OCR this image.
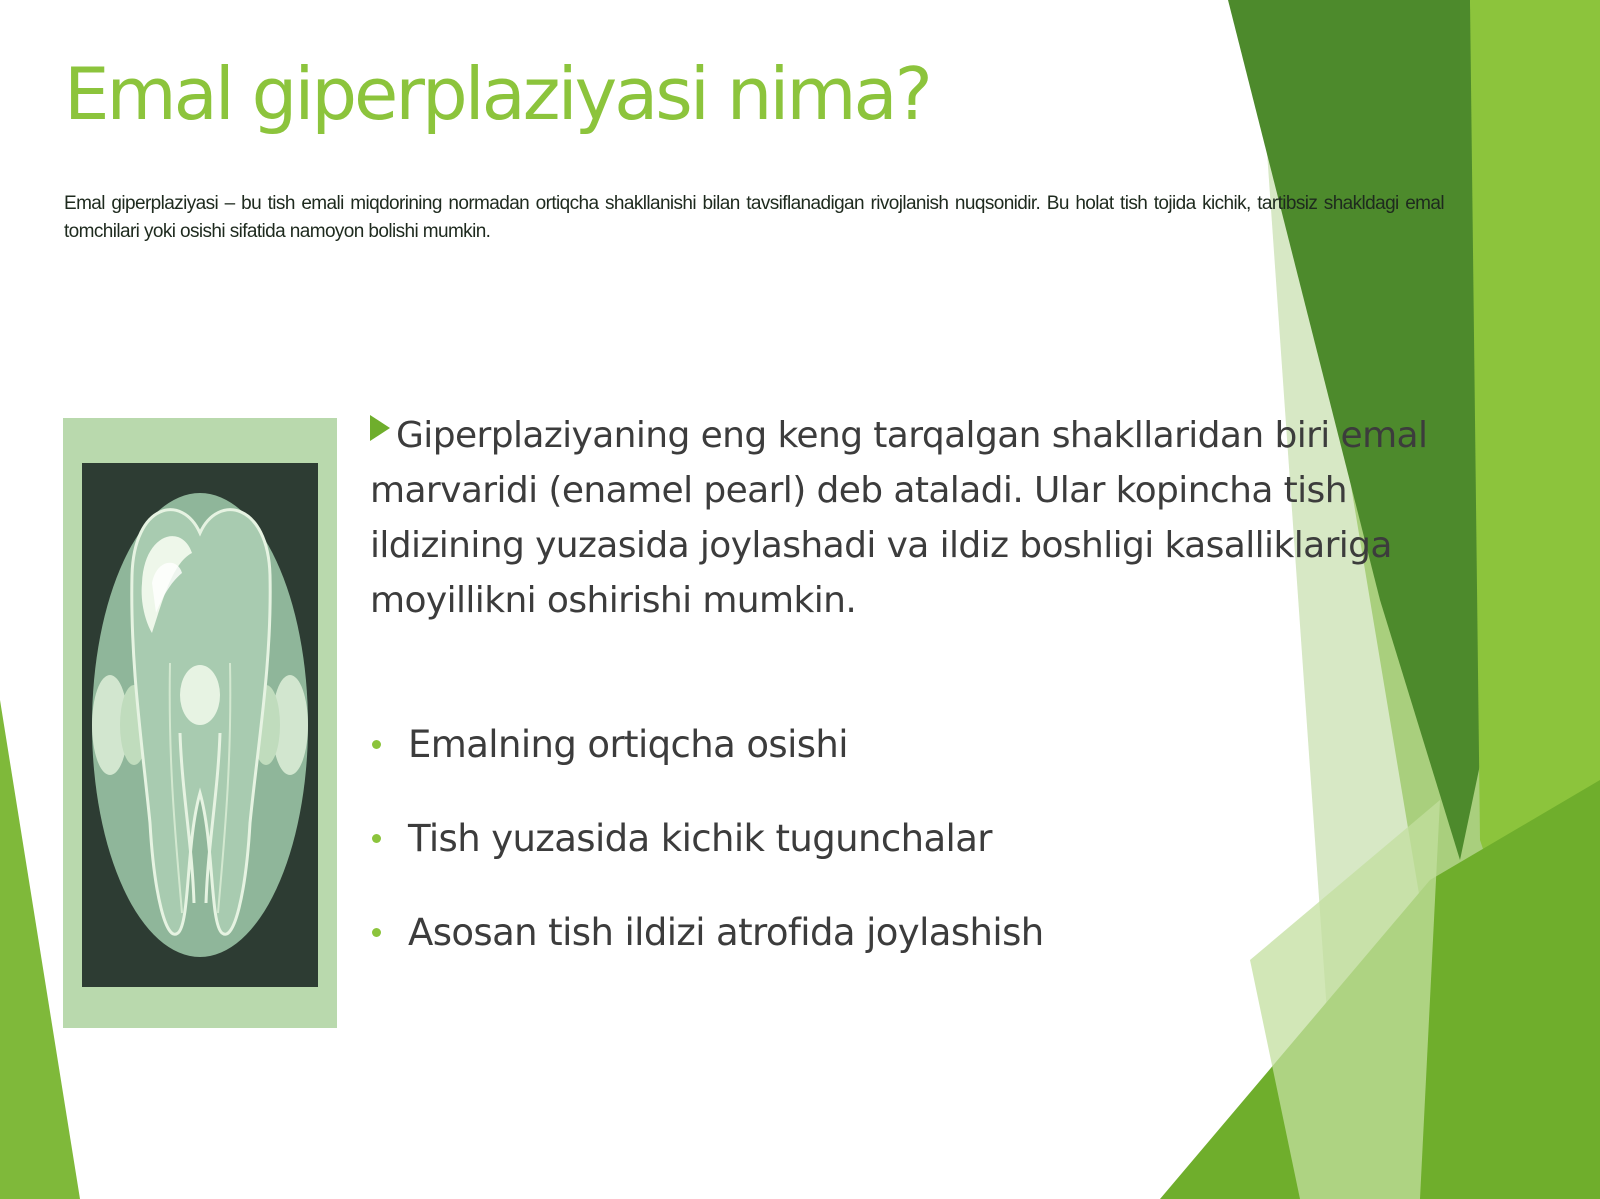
Emal giperplaziyasi nima?

Emal giperplaziyasi – bu tish emali miqdorining normadan ortiqcha shakllanishi bilan tavsiflanadigan rivojlanish nuqsonidir. Bu holat tish tojida kichik, tartibsiz shakldagi emal tomchilari yoki osishi sifatida namoyon bolishi mumkin.

Giperplaziyaning eng keng tarqalgan shakllaridan biri emal marvaridi (enamel pearl) deb ataladi. Ular kopincha tish ildizining yuzasida joylashadi va ildiz boshligi kasalliklariga moyillikni oshirishi mumkin.

Emalning ortiqcha osishi
Tish yuzasida kichik tugunchalar
Asosan tish ildizi atrofida joylashish
